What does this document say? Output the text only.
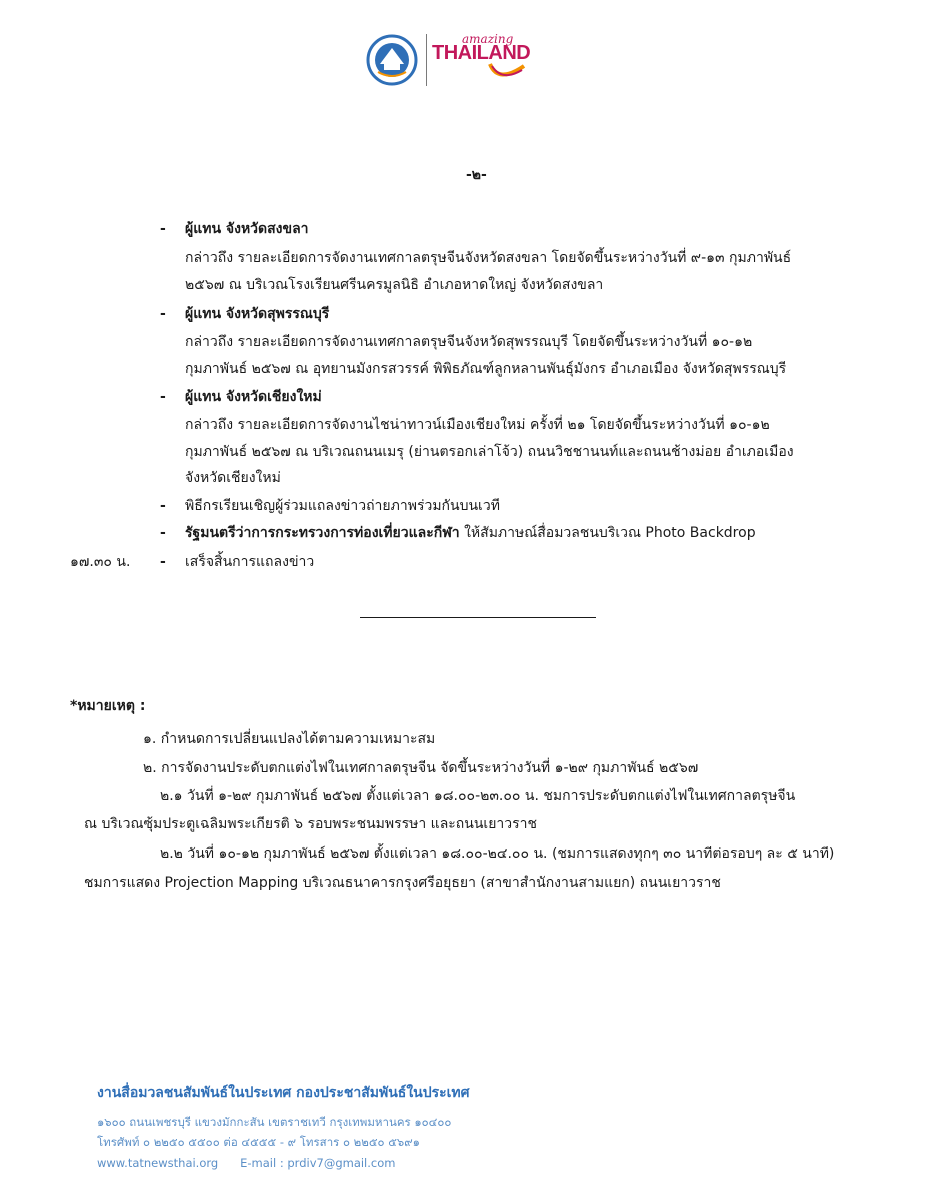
amazing
THAILAND
-๒-
- ผู้แทน จังหวัดสงขลา
กล่าวถึง รายละเอียดการจัดงานเทศกาลตรุษจีนจังหวัดสงขลา โดยจัดขึ้นระหว่างวันที่ ๙-๑๓ กุมภาพันธ์
๒๕๖๗ ณ บริเวณโรงเรียนศรีนครมูลนิธิ อำเภอหาดใหญ่ จังหวัดสงขลา
- ผู้แทน จังหวัดสุพรรณบุรี
กล่าวถึง รายละเอียดการจัดงานเทศกาลตรุษจีนจังหวัดสุพรรณบุรี โดยจัดขึ้นระหว่างวันที่ ๑๐-๑๒
กุมภาพันธ์ ๒๕๖๗ ณ อุทยานมังกรสวรรค์ พิพิธภัณฑ์ลูกหลานพันธุ์มังกร อำเภอเมือง จังหวัดสุพรรณบุรี
- ผู้แทน จังหวัดเชียงใหม่
กล่าวถึง รายละเอียดการจัดงานไชน่าทาวน์เมืองเชียงใหม่ ครั้งที่ ๒๑ โดยจัดขึ้นระหว่างวันที่ ๑๐-๑๒
กุมภาพันธ์ ๒๕๖๗ ณ บริเวณถนนเมรุ (ย่านตรอกเล่าโจ้ว) ถนนวิชชานนท์และถนนช้างม่อย อำเภอเมือง
จังหวัดเชียงใหม่
- พิธีกรเรียนเชิญผู้ร่วมแถลงข่าวถ่ายภาพร่วมกันบนเวที
- รัฐมนตรีว่าการกระทรวงการท่องเที่ยวและกีฬา ให้สัมภาษณ์สื่อมวลชนบริเวณ Photo Backdrop
๑๗.๓๐ น. - เสร็จสิ้นการแถลงข่าว
*หมายเหตุ :
๑. กำหนดการเปลี่ยนแปลงได้ตามความเหมาะสม
๒. การจัดงานประดับตกแต่งไฟในเทศกาลตรุษจีน จัดขึ้นระหว่างวันที่ ๑-๒๙ กุมภาพันธ์ ๒๕๖๗
๒.๑ วันที่ ๑-๒๙ กุมภาพันธ์ ๒๕๖๗ ตั้งแต่เวลา ๑๘.๐๐-๒๓.๐๐ น. ชมการประดับตกแต่งไฟในเทศกาลตรุษจีน
ณ บริเวณซุ้มประตูเฉลิมพระเกียรติ ๖ รอบพระชนมพรรษา และถนนเยาวราช
๒.๒ วันที่ ๑๐-๑๒ กุมภาพันธ์ ๒๕๖๗ ตั้งแต่เวลา ๑๘.๐๐-๒๔.๐๐ น. (ชมการแสดงทุกๆ ๓๐ นาทีต่อรอบๆ ละ ๕ นาที)
ชมการแสดง Projection Mapping บริเวณธนาคารกรุงศรีอยุธยา (สาขาสำนักงานสามแยก) ถนนเยาวราช
งานสื่อมวลชนสัมพันธ์ในประเทศ กองประชาสัมพันธ์ในประเทศ
๑๖๐๐ ถนนเพชรบุรี แขวงมักกะสัน เขตราชเทวี กรุงเทพมหานคร ๑๐๔๐๐
โทรศัพท์ ๐ ๒๒๕๐ ๕๕๐๐ ต่อ ๔๕๕๕ - ๙ โทรสาร ๐ ๒๒๕๐ ๕๖๙๑
www.tatnewsthai.org      E-mail : prdiv7@gmail.com
